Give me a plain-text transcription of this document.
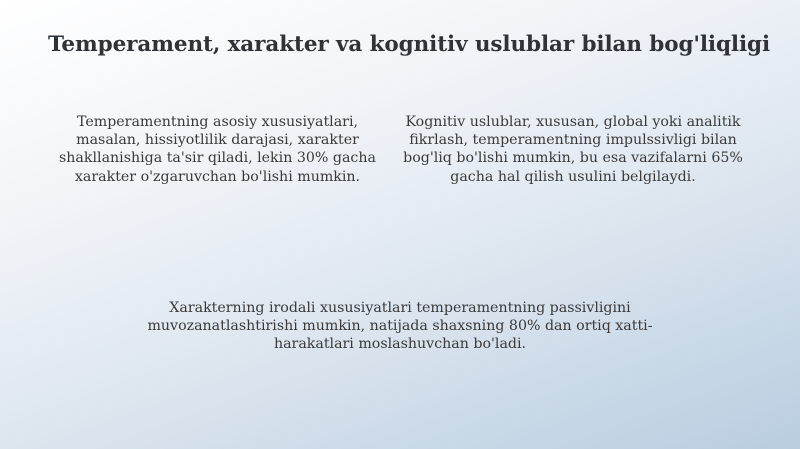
Temperament, xarakter va kognitiv uslublar bilan bog'liqligi
Temperamentning asosiy xususiyatlari, masalan, hissiyotlilik darajasi, xarakter shakllanishiga ta'sir qiladi, lekin 30% gacha xarakter o'zgaruvchan bo'lishi mumkin.
Kognitiv uslublar, xususan, global yoki analitik fikrlash, temperamentning impulssivligi bilan bog'liq bo'lishi mumkin, bu esa vazifalarni 65% gacha hal qilish usulini belgilaydi.
Xarakterning irodali xususiyatlari temperamentning passivligini muvozanatlashtirishi mumkin, natijada shaxsning 80% dan ortiq xatti-harakatlari moslashuvchan bo'ladi.
